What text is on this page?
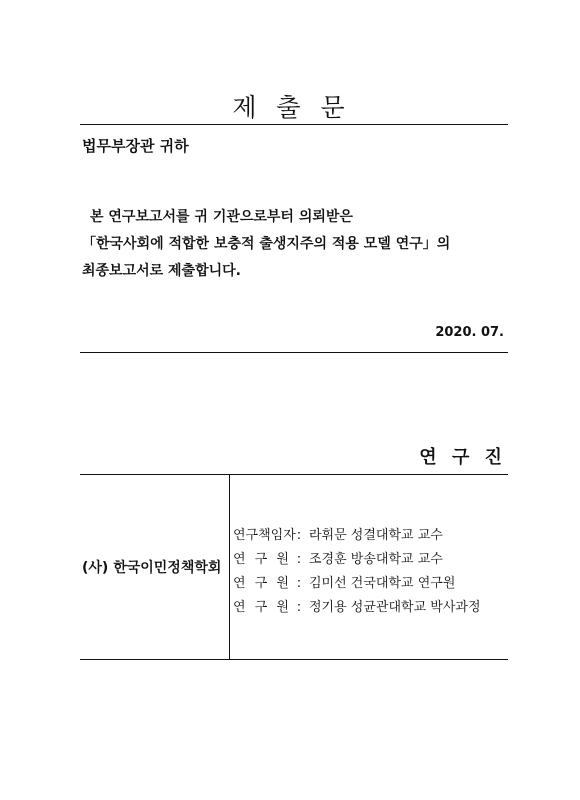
제 출 문
법무부장관 귀하
본 연구보고서를 귀 기관으로부터 의뢰받은
「한국사회에 적합한 보충적 출생지주의 적용 모델 연구」의
최종보고서로 제출합니다.
2020. 07.
연 구 진
(사) 한국이민정책학회
연구책임자: 라휘문 성결대학교 교수
연 구 원 : 조경훈 방송대학교 교수
연 구 원 : 김미선 건국대학교 연구원
연 구 원 : 정기용 성균관대학교 박사과정
